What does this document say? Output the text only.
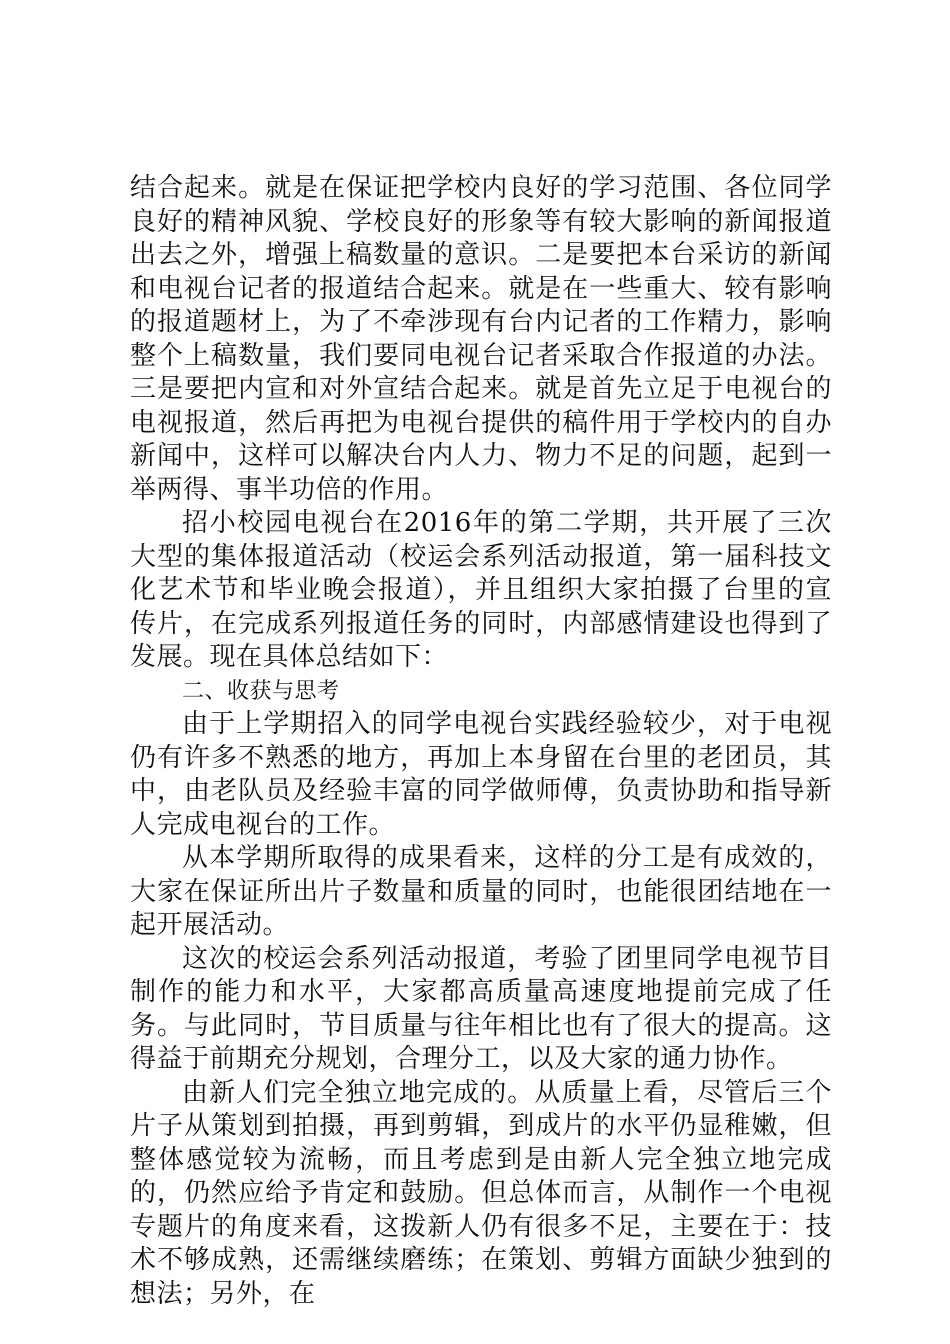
结合起来。就是在保证把学校内良好的学习范围、各位同学良好的精神风貌、学校良好的形象等有较大影响的新闻报道出去之外，增强上稿数量的意识。二是要把本台采访的新闻和电视台记者的报道结合起来。就是在一些重大、较有影响的报道题材上，为了不牵涉现有台内记者的工作精力，影响整个上稿数量，我们要同电视台记者采取合作报道的办法。三是要把内宣和对外宣结合起来。就是首先立足于电视台的电视报道，然后再把为电视台提供的稿件用于学校内的自办新闻中，这样可以解决台内人力、物力不足的问题，起到一举两得、事半功倍的作用。

招小校园电视台在2016年的第二学期，共开展了三次大型的集体报道活动（校运会系列活动报道，第一届科技文化艺术节和毕业晚会报道），并且组织大家拍摄了台里的宣传片，在完成系列报道任务的同时，内部感情建设也得到了发展。现在具体总结如下：

二、收获与思考

由于上学期招入的同学电视台实践经验较少，对于电视仍有许多不熟悉的地方，再加上本身留在台里的老团员，其中，由老队员及经验丰富的同学做师傅，负责协助和指导新人完成电视台的工作。

从本学期所取得的成果看来，这样的分工是有成效的，大家在保证所出片子数量和质量的同时，也能很团结地在一起开展活动。

这次的校运会系列活动报道，考验了团里同学电视节目制作的能力和水平，大家都高质量高速度地提前完成了任务。与此同时，节目质量与往年相比也有了很大的提高。这得益于前期充分规划，合理分工，以及大家的通力协作。

由新人们完全独立地完成的。从质量上看，尽管后三个片子从策划到拍摄，再到剪辑，到成片的水平仍显稚嫩，但整体感觉较为流畅，而且考虑到是由新人完全独立地完成的，仍然应给予肯定和鼓励。但总体而言，从制作一个电视专题片的角度来看，这拨新人仍有很多不足，主要在于：技术不够成熟，还需继续磨练；在策划、剪辑方面缺少独到的想法；另外，在
